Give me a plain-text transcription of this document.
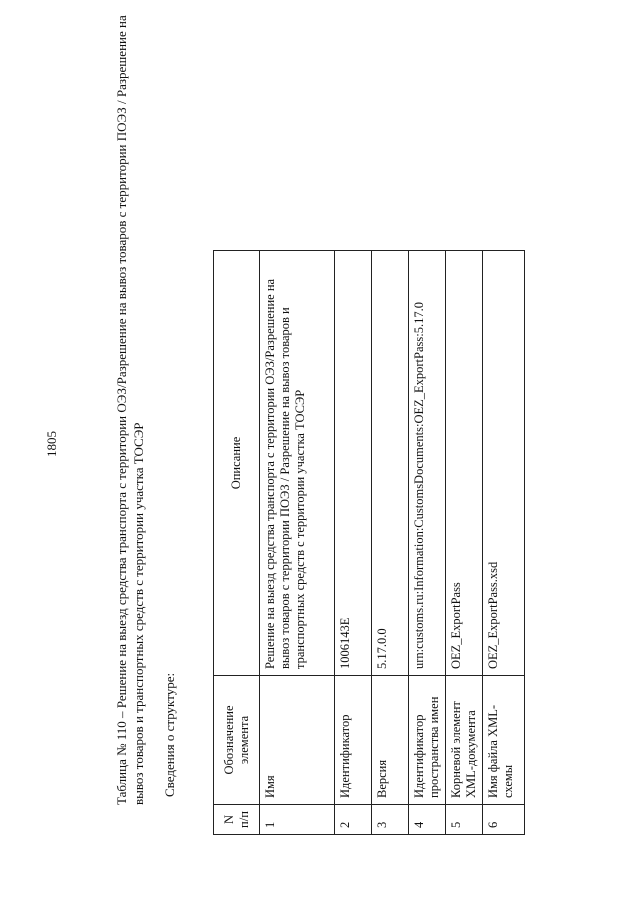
1805	Таблица № 110 – Решение на выезд средства транспорта с территории ОЭЗ/Разрешение на вывоз товаров с территории ПОЭЗ / Разрешение на вывоз товаров и транспортных средств с территории участка ТОСЭР Сведения о структуре:
N п/п	Обозначение элемента	Описание
1	Имя	Решение на выезд средства транспорта с территории ОЭЗ/Разрешение на вывоз товаров с территории ПОЭЗ / Разрешение на вывоз товаров и транспортных средств с территории участка ТОСЭР
2	Идентификатор	1006143E
3	Версия	5.17.0.0
4	Идентификатор пространства имен	urn:customs.ru:Information:CustomsDocuments:OEZ_ExportPass:5.17.0
5	Корневой элемент XML-документа	OEZ_ExportPass
6	Имя файла XML-схемы	OEZ_ExportPass.xsd
